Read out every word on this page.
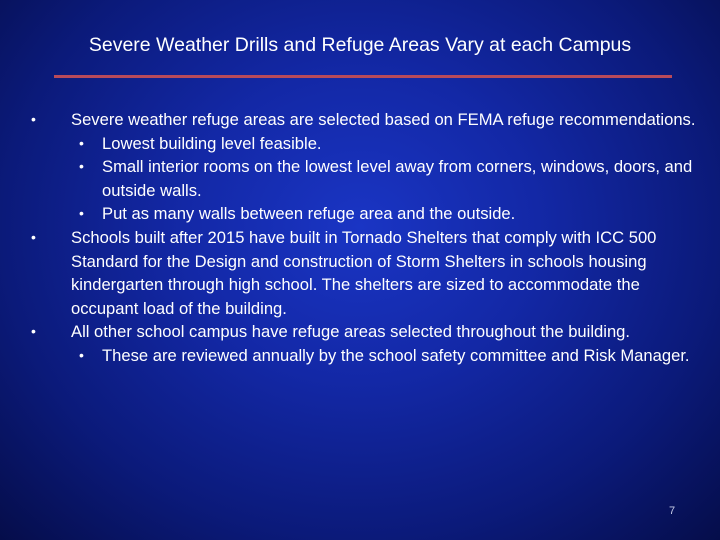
Severe Weather Drills and Refuge Areas Vary at each Campus

• Severe weather refuge areas are selected based on FEMA refuge recommendations.

• Lowest building level feasible.

• Small interior rooms on the lowest level away from corners, windows, doors, and outside walls.

• Put as many walls between refuge area and the outside.

• Schools built after 2015 have built in Tornado Shelters that comply with ICC 500 Standard for the Design and construction of Storm Shelters in schools housing kindergarten through high school. The shelters are sized to accommodate the occupant load of the building.

• All other school campus have refuge areas selected throughout the building.

• These are reviewed annually by the school safety committee and Risk Manager.

7
